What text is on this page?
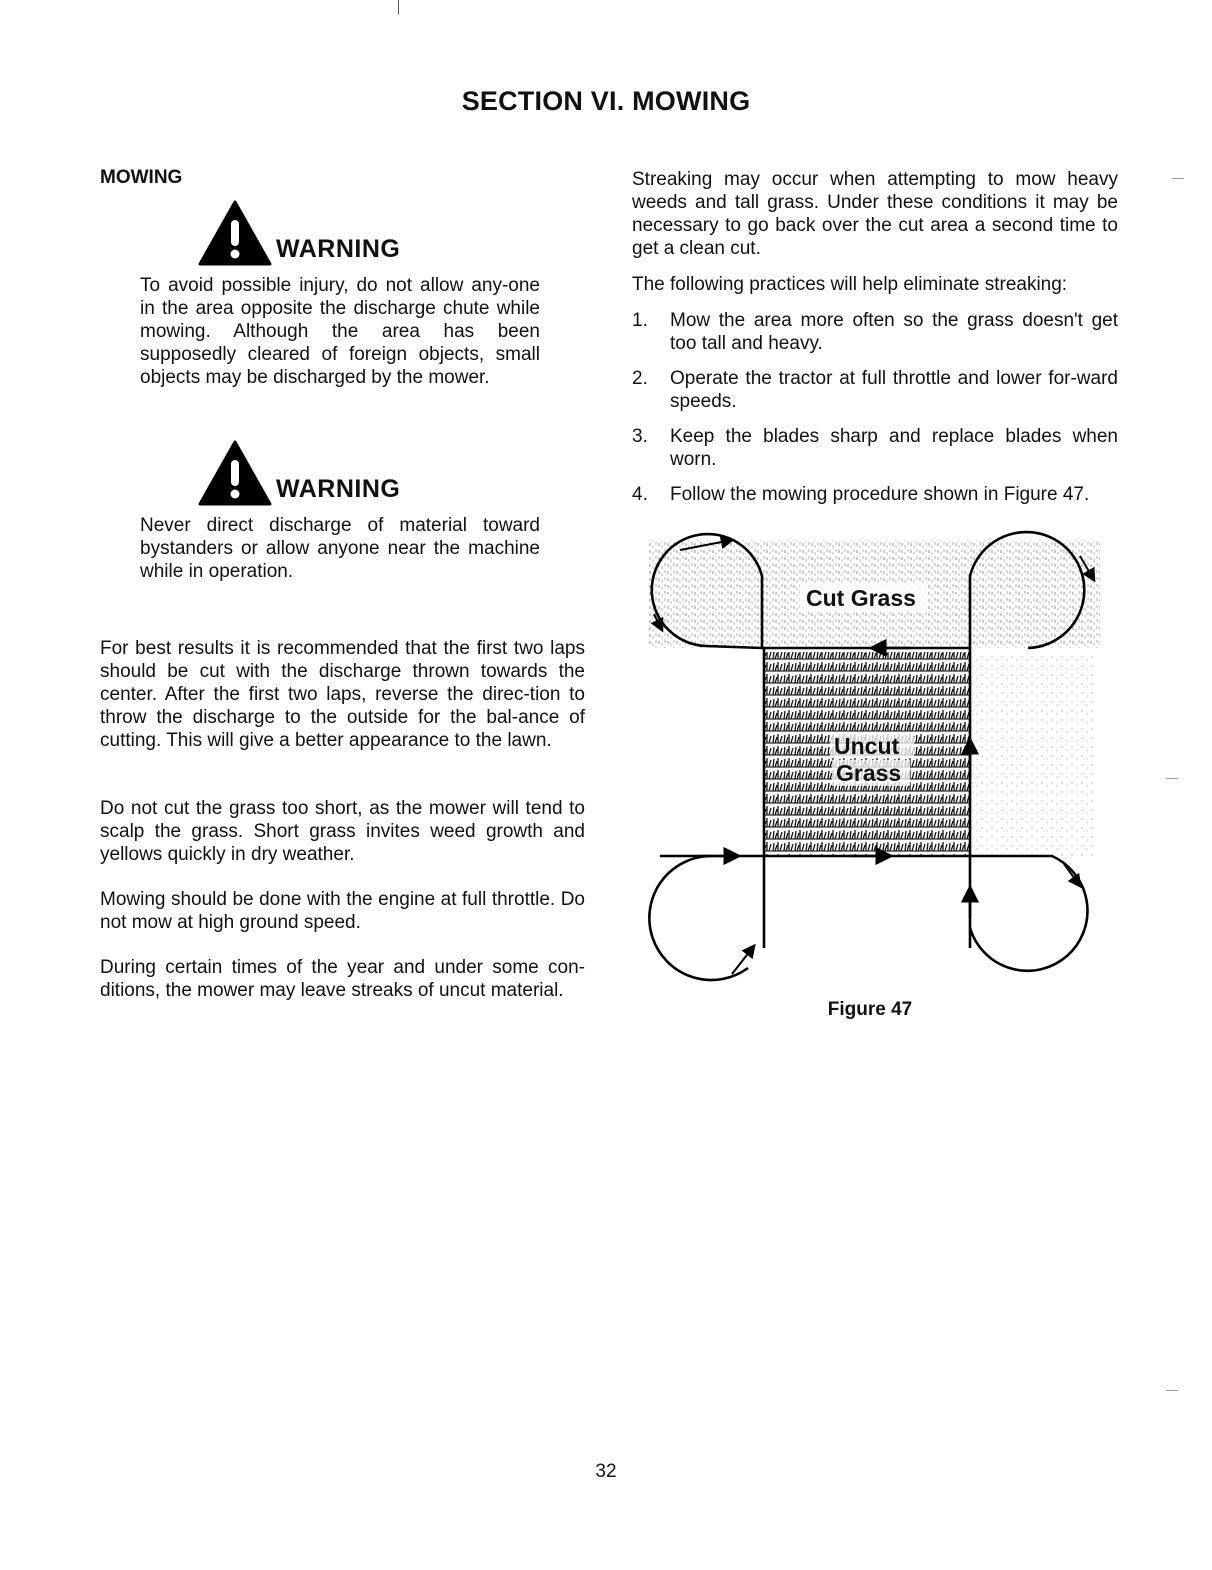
SECTION VI. MOWING
MOWING
WARNING
To avoid possible injury, do not allow any-one in the area opposite the discharge chute while mowing. Although the area has been supposedly cleared of foreign objects, small objects may be discharged by the mower.
WARNING
Never direct discharge of material toward bystanders or allow anyone near the machine while in operation.
For best results it is recommended that the first two laps should be cut with the discharge thrown towards the center. After the first two laps, reverse the direc-tion to throw the discharge to the outside for the bal-ance of cutting. This will give a better appearance to the lawn.
Do not cut the grass too short, as the mower will tend to scalp the grass. Short grass invites weed growth and yellows quickly in dry weather.
Mowing should be done with the engine at full throttle. Do not mow at high ground speed.
During certain times of the year and under some con-ditions, the mower may leave streaks of uncut material.
Streaking may occur when attempting to mow heavy weeds and tall grass. Under these conditions it may be necessary to go back over the cut area a second time to get a clean cut.
The following practices will help eliminate streaking:
1.	Mow the area more often so the grass doesn't get too tall and heavy.
2.	Operate the tractor at full throttle and lower for-ward speeds.
3.	Keep the blades sharp and replace blades when worn.
4.	Follow the mowing procedure shown in Figure 47.
Cut Grass
Uncut
Grass
Figure 47
32
